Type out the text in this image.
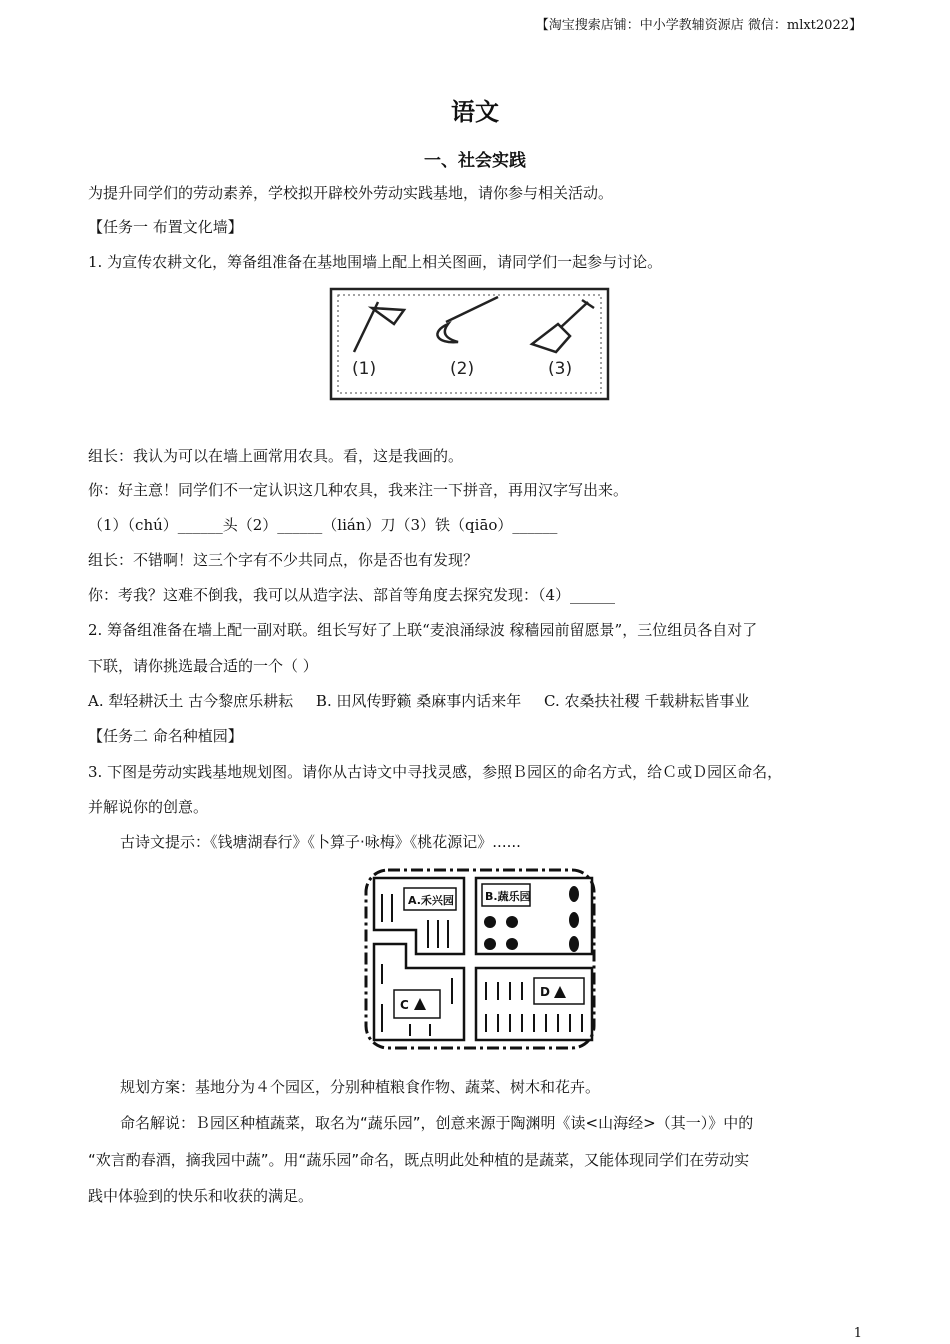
【淘宝搜索店铺：中小学教辅资源店 微信：mlxt2022】
语文
一、社会实践
为提升同学们的劳动素养，学校拟开辟校外劳动实践基地，请你参与相关活动。
【任务一 布置文化墙】
1. 为宣传农耕文化，筹备组准备在基地围墙上配上相关图画，请同学们一起参与讨论。
(1)	(2)	(3)
组长：我认为可以在墙上画常用农具。看，这是我画的。
你：好主意！同学们不一定认识这几种农具，我来注一下拼音，再用汉字写出来。
（1）（chú）______头（2）______（lián）刀（3）铁（qiāo）______
组长：不错啊！这三个字有不少共同点，你是否也有发现？
你：考我？这难不倒我，我可以从造字法、部首等角度去探究发现：（4）______
2. 筹备组准备在墙上配一副对联。组长写好了上联“麦浪涌绿波 稼穑园前留愿景”，三位组员各自对了
下联，请你挑选最合适的一个（ ）
A. 犁轻耕沃土 古今黎庶乐耕耘 B. 田风传野籁 桑麻事内话来年 C. 农桑扶社稷 千载耕耘皆事业
【任务二 命名种植园】
3. 下图是劳动实践基地规划图。请你从古诗文中寻找灵感，参照Ｂ园区的命名方式，给Ｃ或Ｄ园区命名，
并解说你的创意。
古诗文提示：《钱塘湖春行》《卜算子·咏梅》《桃花源记》......
A.禾兴园	B.蔬乐园
C
D
规划方案：基地分为４个园区，分别种植粮食作物、蔬菜、树木和花卉。
命名解说：Ｂ园区种植蔬菜，取名为“蔬乐园”，创意来源于陶渊明《读<山海经>（其一）》中的
“欢言酌春酒，摘我园中蔬”。用“蔬乐园”命名，既点明此处种植的是蔬菜，又能体现同学们在劳动实
践中体验到的快乐和收获的满足。
1
